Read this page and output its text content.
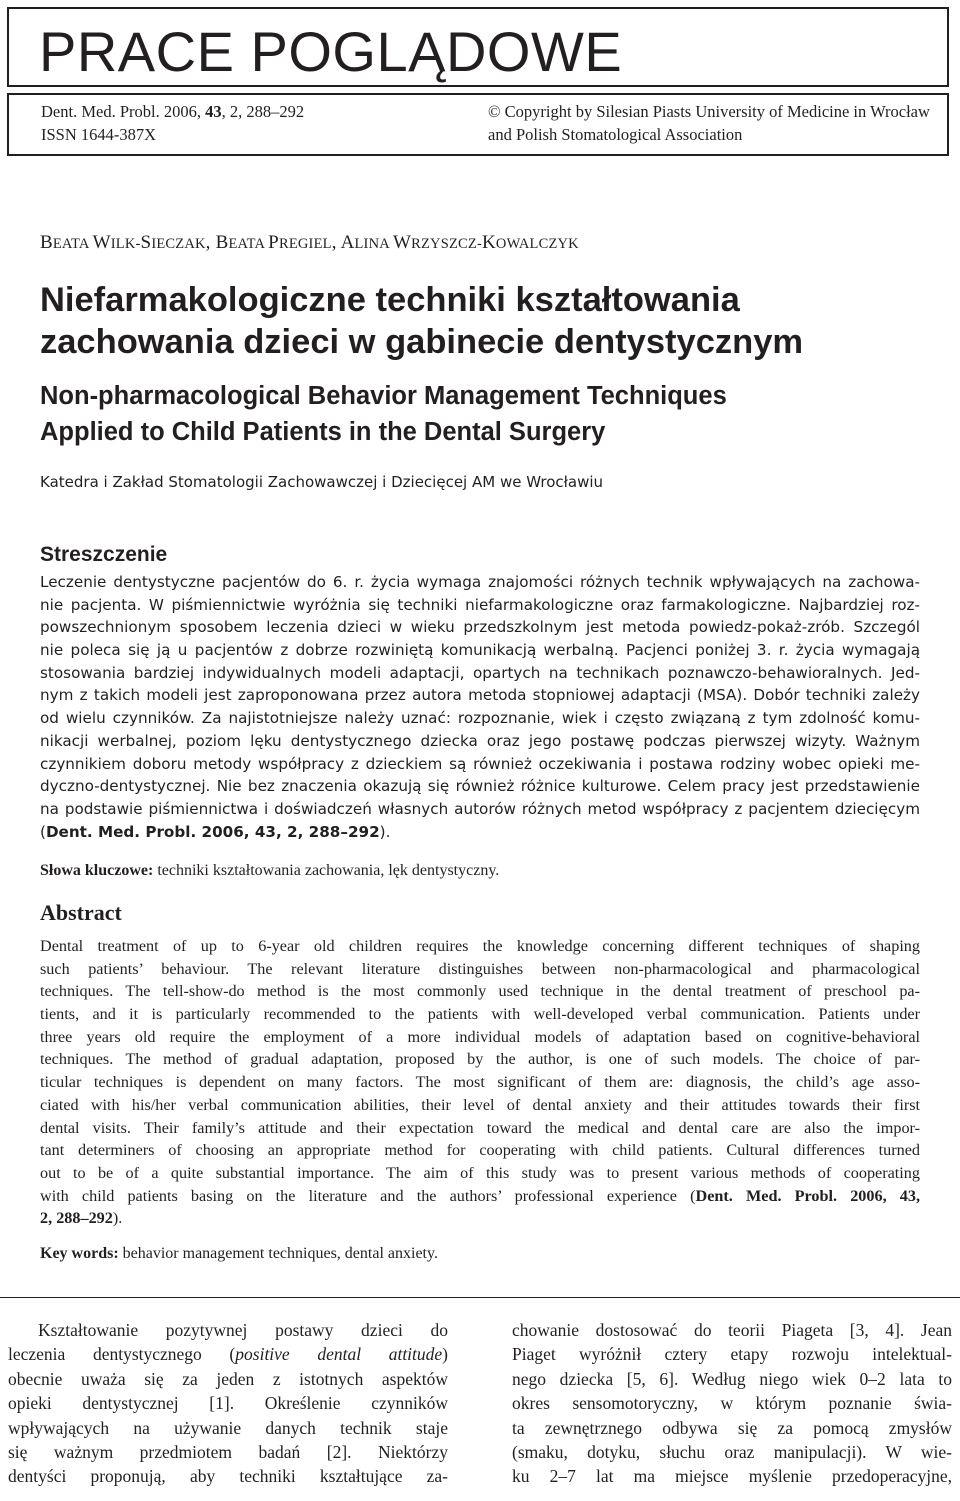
PRACE POGLĄDOWE
Dent. Med. Probl. 2006, 43, 2, 288–292
ISSN 1644-387X
© Copyright by Silesian Piasts University of Medicine in Wrocław
and Polish Stomatological Association
BEATA WILK-SIECZAK, BEATA PREGIEL, ALINA WRZYSZCZ-KOWALCZYK
Niefarmakologiczne techniki kształtowania
zachowania dzieci w gabinecie dentystycznym
Non-pharmacological Behavior Management Techniques
Applied to Child Patients in the Dental Surgery
Katedra i Zakład Stomatologii Zachowawczej i Dziecięcej AM we Wrocławiu
Streszczenie
Leczenie dentystyczne pacjentów do 6. r. życia wymaga znajomości różnych technik wpływających na zachowa-
nie pacjenta. W piśmiennictwie wyróżnia się techniki niefarmakologiczne oraz farmakologiczne. Najbardziej roz-
powszechnionym sposobem leczenia dzieci w wieku przedszkolnym jest metoda powiedz-pokaż-zrób. Szczegól
nie poleca się ją u pacjentów z dobrze rozwiniętą komunikacją werbalną. Pacjenci poniżej 3. r. życia wymagają
stosowania bardziej indywidualnych modeli adaptacji, opartych na technikach poznawczo-behawioralnych. Jed-
nym z takich modeli jest zaproponowana przez autora metoda stopniowej adaptacji (MSA). Dobór techniki zależy
od wielu czynników. Za najistotniejsze należy uznać: rozpoznanie, wiek i często związaną z tym zdolność komu-
nikacji werbalnej, poziom lęku dentystycznego dziecka oraz jego postawę podczas pierwszej wizyty. Ważnym
czynnikiem doboru metody współpracy z dzieckiem są również oczekiwania i postawa rodziny wobec opieki me-
dyczno-dentystycznej. Nie bez znaczenia okazują się również różnice kulturowe. Celem pracy jest przedstawienie
na podstawie piśmiennictwa i doświadczeń własnych autorów różnych metod współpracy z pacjentem dziecięcym
(Dent. Med. Probl. 2006, 43, 2, 288–292).
Słowa kluczowe: techniki kształtowania zachowania, lęk dentystyczny.
Abstract
Dental treatment of up to 6-year old children requires the knowledge concerning different techniques of shaping
such patients’ behaviour. The relevant literature distinguishes between non-pharmacological and pharmacological
techniques. The tell-show-do method is the most commonly used technique in the dental treatment of preschool pa-
tients, and it is particularly recommended to the patients with well-developed verbal communication. Patients under
three years old require the employment of a more individual models of adaptation based on cognitive-behavioral
techniques. The method of gradual adaptation, proposed by the author, is one of such models. The choice of par-
ticular techniques is dependent on many factors. The most significant of them are: diagnosis, the child’s age asso-
ciated with his/her verbal communication abilities, their level of dental anxiety and their attitudes towards their first
dental visits. Their family’s attitude and their expectation toward the medical and dental care are also the impor-
tant determiners of choosing an appropriate method for cooperating with child patients. Cultural differences turned
out to be of a quite substantial importance. The aim of this study was to present various methods of cooperating
with child patients basing on the literature and the authors’ professional experience (Dent. Med. Probl. 2006, 43,
2, 288–292).
Key words: behavior management techniques, dental anxiety.
Kształtowanie pozytywnej postawy dzieci do
leczenia dentystycznego (positive dental attitude)
obecnie uważa się za jeden z istotnych aspektów
opieki dentystycznej [1]. Określenie czynników
wpływających na używanie danych technik staje
się ważnym przedmiotem badań [2]. Niektórzy
dentyści proponują, aby techniki kształtujące za-
chowanie dostosować do teorii Piageta [3, 4]. Jean
Piaget wyróżnił cztery etapy rozwoju intelektual-
nego dziecka [5, 6]. Według niego wiek 0–2 lata to
okres sensomotoryczny, w którym poznanie świa-
ta zewnętrznego odbywa się za pomocą zmysłów
(smaku, dotyku, słuchu oraz manipulacji). W wie-
ku 2–7 lat ma miejsce myślenie przedoperacyjne,
